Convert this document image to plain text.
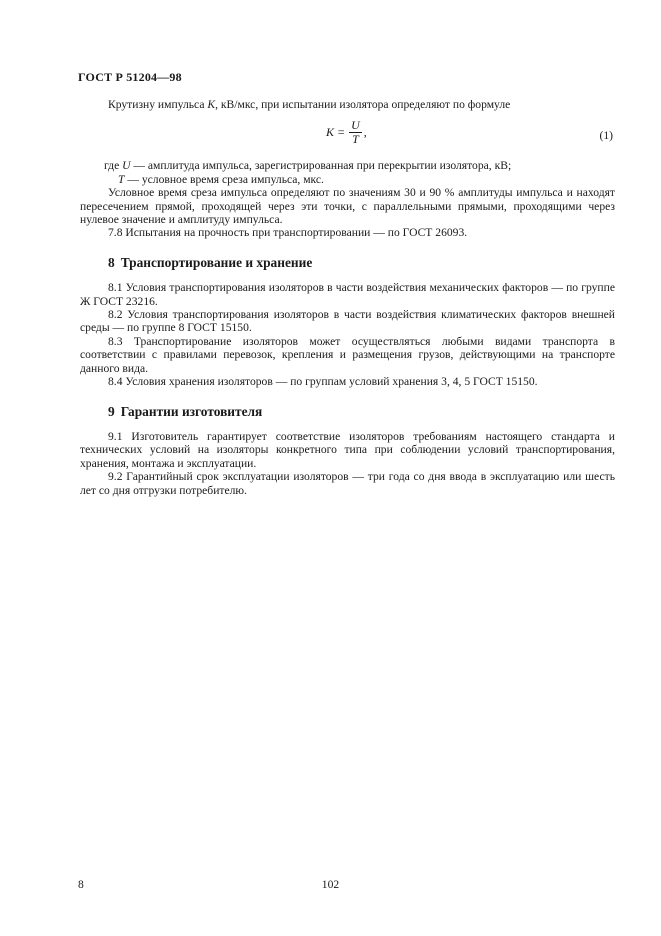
ГОСТ Р 51204—98

Крутизну импульса K, кВ/мкс, при испытании изолятора определяют по формуле

$K = \frac{U}{T}$ ,	(1)

где U — амплитуда импульса, зарегистрированная при перекрытии изолятора, кВ;

T — условное время среза импульса, мкс.

Условное время среза импульса определяют по значениям 30 и 90 % амплитуды импульса и находят пересечением прямой, проходящей через эти точки, с параллельными прямыми, проходящими через нулевое значение и амплитуду импульса.

7.8 Испытания на прочность при транспортировании — по ГОСТ 26093.

8 Транспортирование и хранение

8.1 Условия транспортирования изоляторов в части воздействия механических факторов — по группе Ж ГОСТ 23216.

8.2 Условия транспортирования изоляторов в части воздействия климатических факторов внешней среды — по группе 8 ГОСТ 15150.

8.3 Транспортирование изоляторов может осуществляться любыми видами транспорта в соответствии с правилами перевозок, крепления и размещения грузов, действующими на транспорте данного вида.

8.4 Условия хранения изоляторов — по группам условий хранения 3, 4, 5 ГОСТ 15150.

9 Гарантии изготовителя

9.1 Изготовитель гарантирует соответствие изоляторов требованиям настоящего стандарта и технических условий на изоляторы конкретного типа при соблюдении условий транспортирования, хранения, монтажа и эксплуатации.

9.2 Гарантийный срок эксплуатации изоляторов — три года со дня ввода в эксплуатацию или шесть лет со дня отгрузки потребителю.

8	102
